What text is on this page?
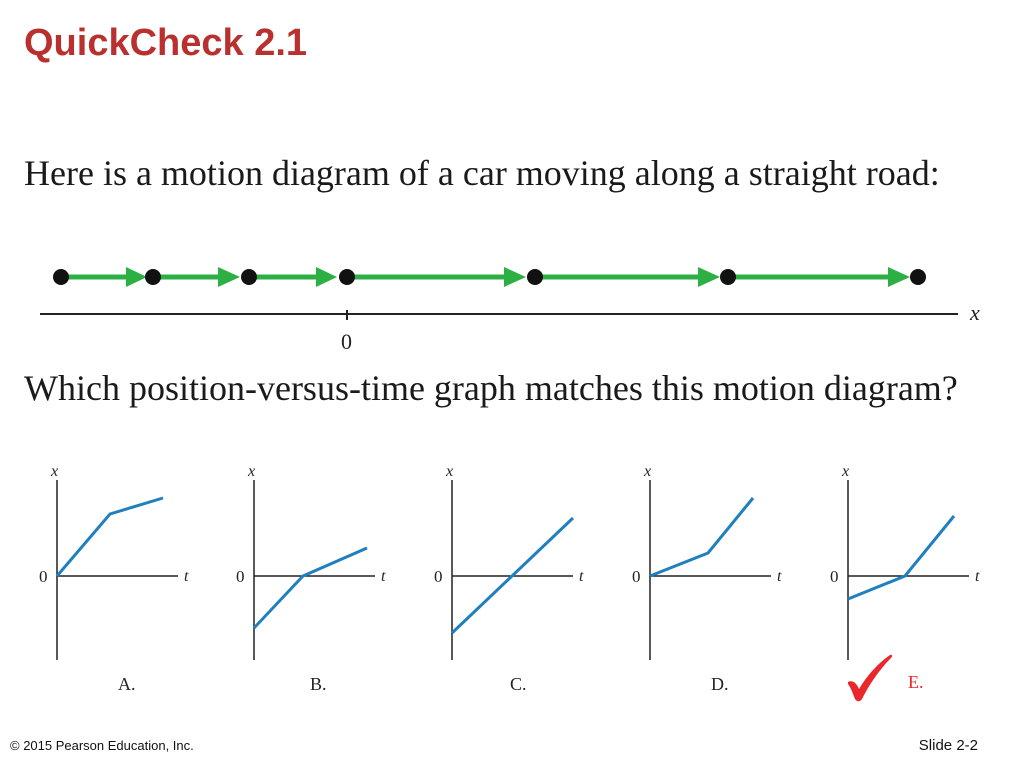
QuickCheck 2.1

Here is a motion diagram of a car moving along a straight road:

x
0

Which position-versus-time graph matches this motion diagram?

x
t
0
A.
x
t
0
B.
x
t
0
C.
x
t
0
D.
x
t
0
E.
© 2015 Pearson Education, Inc.	Slide 2-2
